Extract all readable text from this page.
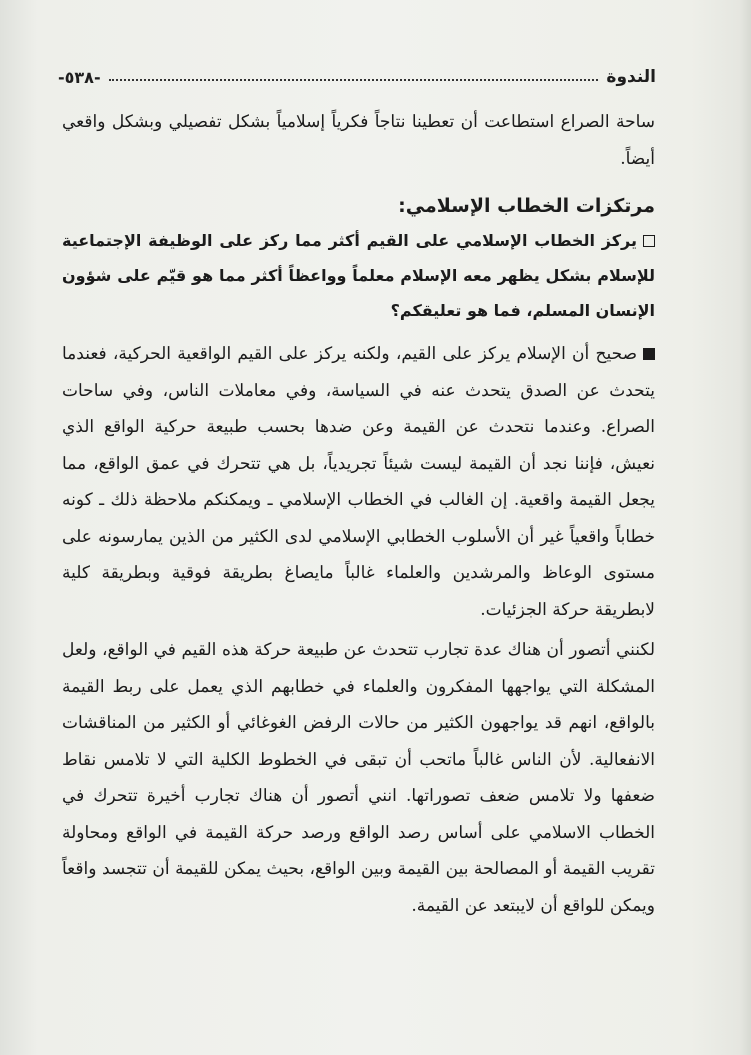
الندوة
-٥٣٨-

ساحة الصراع استطاعت أن تعطينا نتاجاً فكرياً إسلامياً بشكل تفصيلي وبشكل واقعي أيضاً.

مرتكزات الخطاب الإسلامي:

يركز الخطاب الإسلامي على القيم أكثر مما ركز على الوظيفة الإجتماعية للإسلام بشكل يظهر معه الإسلام معلماً وواعظاً أكثر مما هو قيّم على شؤون الإنسان المسلم، فما هو تعليقكم؟

صحيح أن الإسلام يركز على القيم، ولكنه يركز على القيم الواقعية الحركية، فعندما يتحدث عن الصدق يتحدث عنه في السياسة، وفي معاملات الناس، وفي ساحات الصراع. وعندما نتحدث عن القيمة وعن ضدها بحسب طبيعة حركية الواقع الذي نعيش، فإننا نجد أن القيمة ليست شيئاً تجريدياً، بل هي تتحرك في عمق الواقع، مما يجعل القيمة واقعية. إن الغالب في الخطاب الإسلامي ـ ويمكنكم ملاحظة ذلك ـ كونه خطاباً واقعياً غير أن الأسلوب الخطابي الإسلامي لدى الكثير من الذين يمارسونه على مستوى الوعاظ والمرشدين والعلماء غالباً مايصاغ بطريقة فوقية وبطريقة كلية لابطريقة حركة الجزئيات.

لكنني أتصور أن هناك عدة تجارب تتحدث عن طبيعة حركة هذه القيم في الواقع، ولعل المشكلة التي يواجهها المفكرون والعلماء في خطابهم الذي يعمل على ربط القيمة بالواقع، انهم قد يواجهون الكثير من حالات الرفض الغوغائي أو الكثير من المناقشات الانفعالية. لأن الناس غالباً ماتحب أن تبقى في الخطوط الكلية التي لا تلامس نقاط ضعفها ولا تلامس ضعف تصوراتها. انني أتصور أن هناك تجارب أخيرة تتحرك في الخطاب الاسلامي على أساس رصد الواقع ورصد حركة القيمة في الواقع ومحاولة تقريب القيمة أو المصالحة بين القيمة وبين الواقع، بحيث يمكن للقيمة أن تتجسد واقعاً ويمكن للواقع أن لايبتعد عن القيمة.
